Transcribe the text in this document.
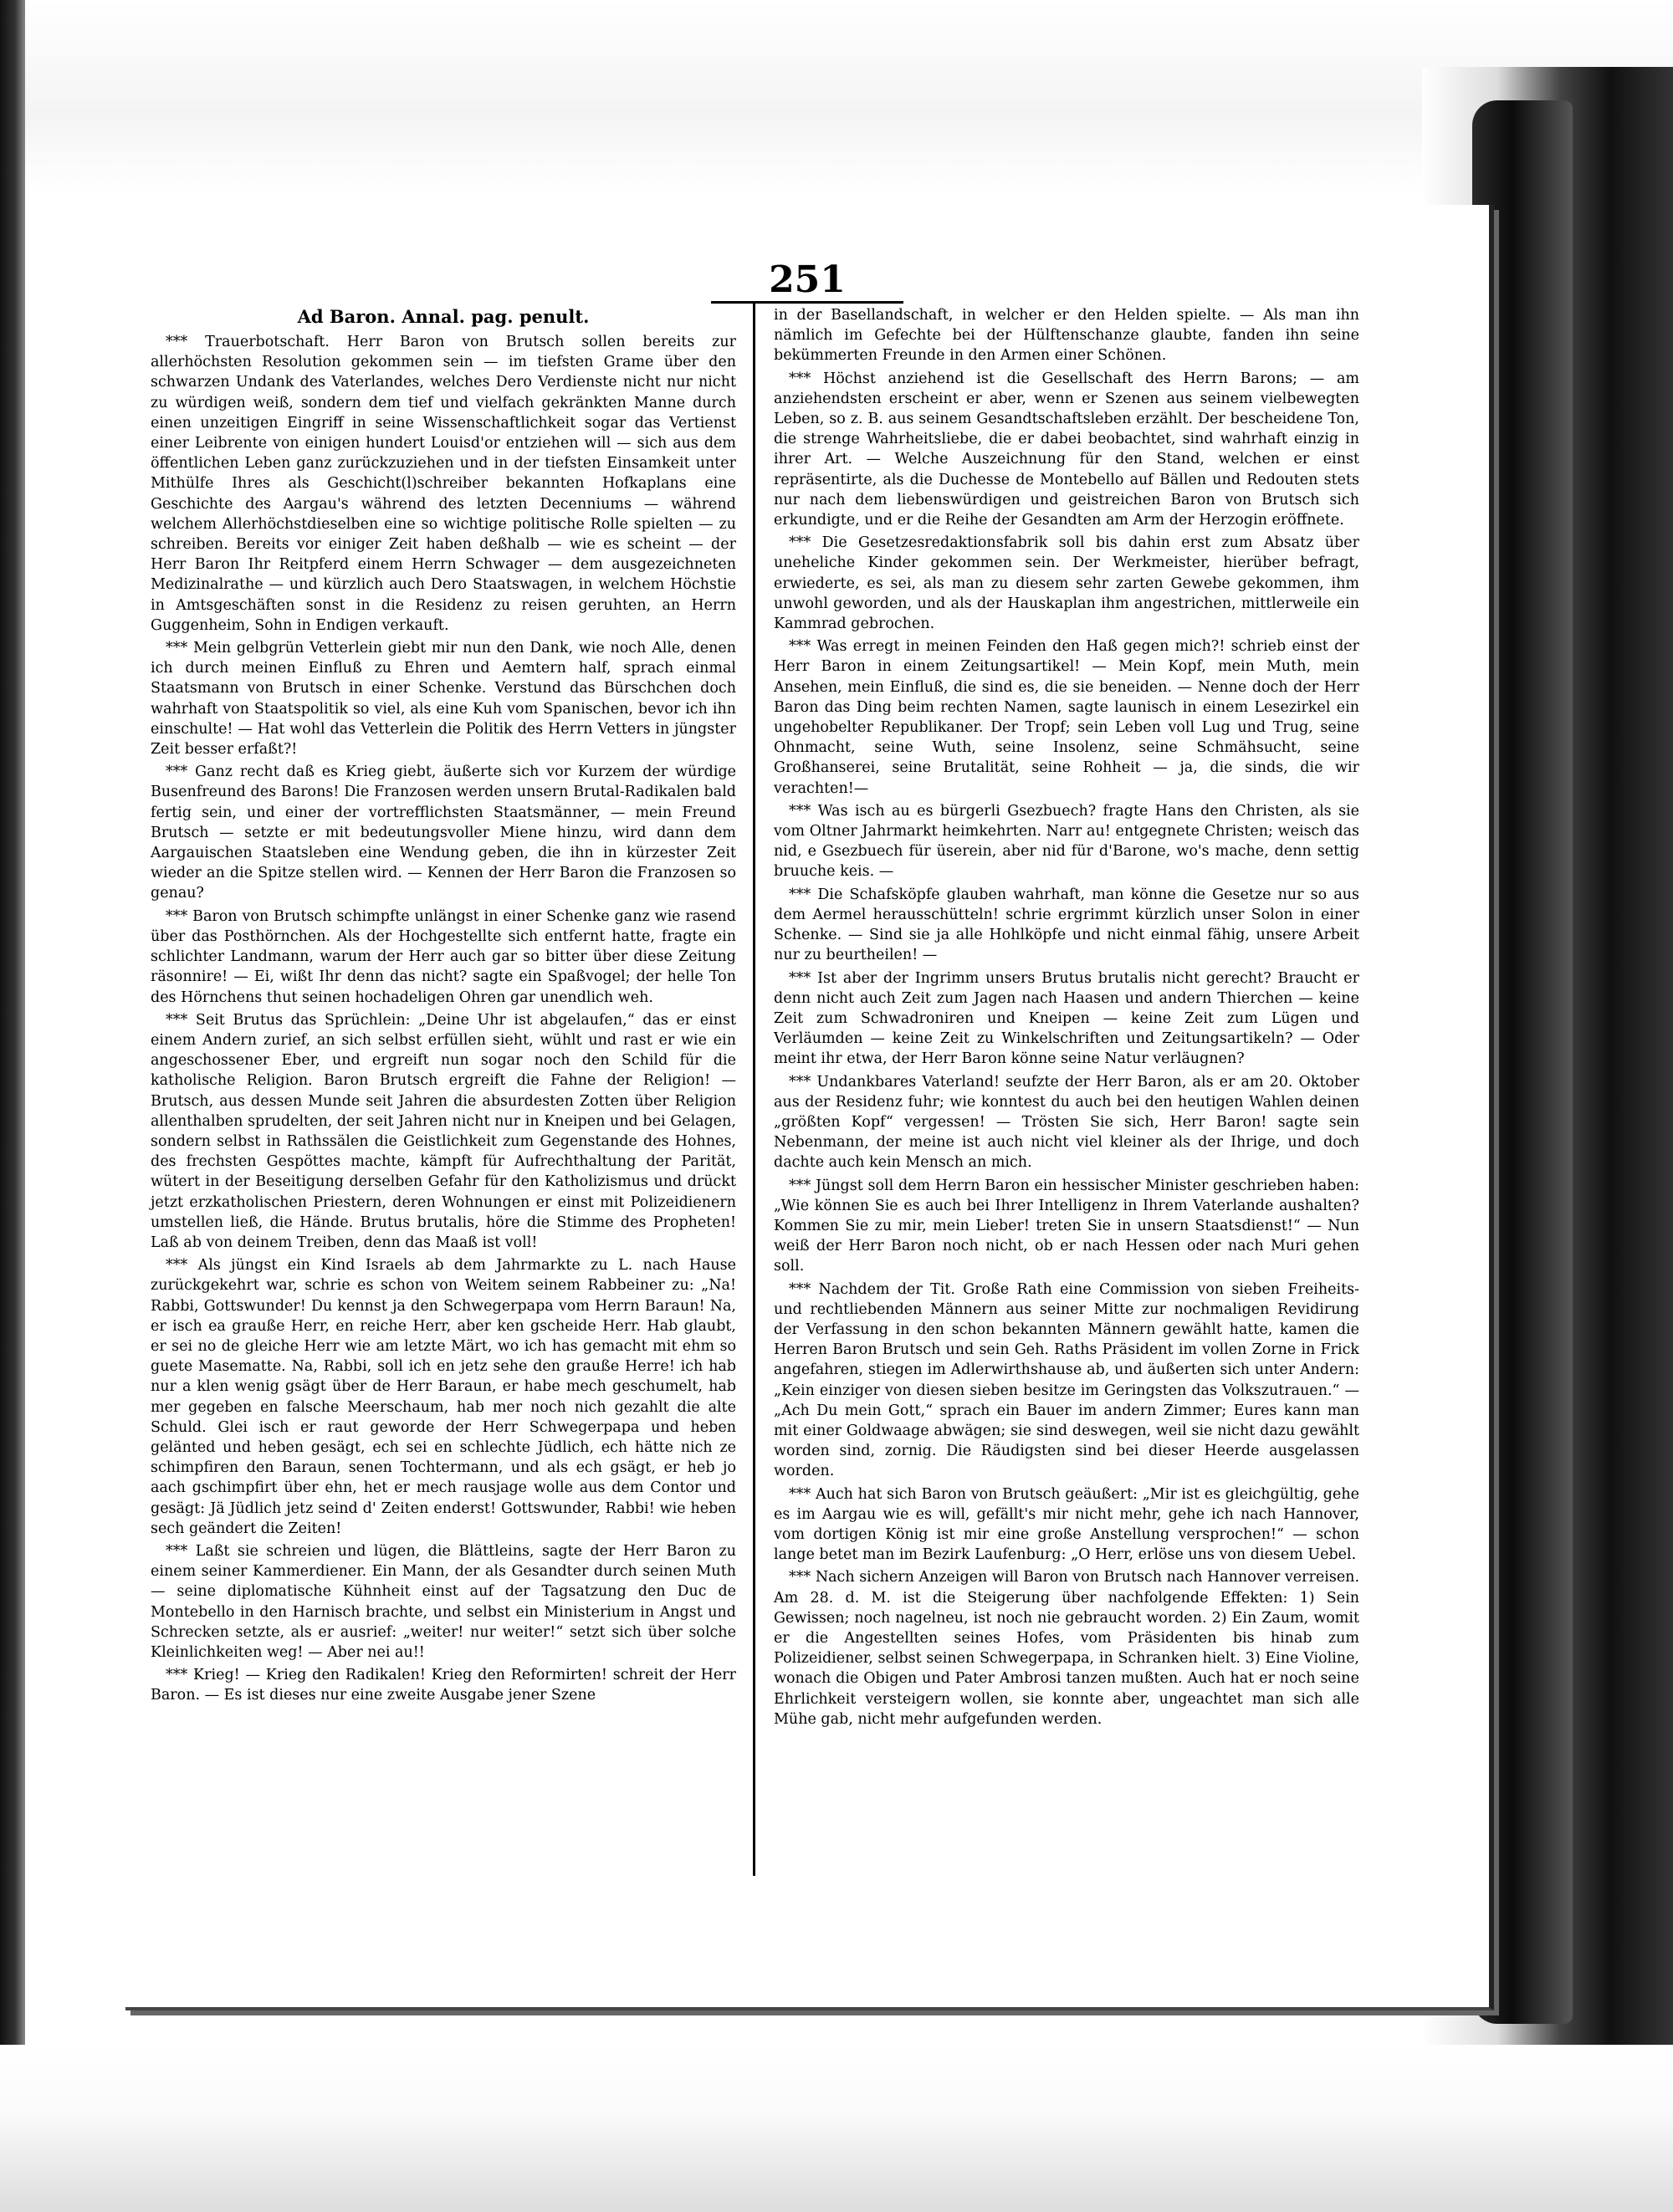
251
Ad Baron. Annal. pag. penult.

*** Trauerbotschaft. Herr Baron von Brutsch sollen bereits zur allerhöchsten Resolution gekommen sein — im tiefsten Grame über den schwarzen Undank des Vaterlandes, welches Dero Verdienste nicht nur nicht zu würdigen weiß, sondern dem tief und vielfach gekränkten Manne durch einen unzeitigen Eingriff in seine Wissenschaftlichkeit sogar das Vertienst einer Leibrente von einigen hundert Louisd'or entziehen will — sich aus dem öffentlichen Leben ganz zurückzuziehen und in der tiefsten Einsamkeit unter Mithülfe Ihres als Geschicht(l)schreiber bekannten Hofkaplans eine Geschichte des Aargau's während des letzten Decenniums — während welchem Allerhöchstdieselben eine so wichtige politische Rolle spielten — zu schreiben. Bereits vor einiger Zeit haben deßhalb — wie es scheint — der Herr Baron Ihr Reitpferd einem Herrn Schwager — dem ausgezeichneten Medizinalrathe — und kürzlich auch Dero Staatswagen, in welchem Höchstie in Amtsgeschäften sonst in die Residenz zu reisen geruhten, an Herrn Guggenheim, Sohn in Endigen verkauft.

*** Mein gelbgrün Vetterlein giebt mir nun den Dank, wie noch Alle, denen ich durch meinen Einfluß zu Ehren und Aemtern half, sprach einmal Staatsmann von Brutsch in einer Schenke. Verstund das Bürschchen doch wahrhaft von Staatspolitik so viel, als eine Kuh vom Spanischen, bevor ich ihn einschulte! — Hat wohl das Vetterlein die Politik des Herrn Vetters in jüngster Zeit besser erfaßt?!

*** Ganz recht daß es Krieg giebt, äußerte sich vor Kurzem der würdige Busenfreund des Barons! Die Franzosen werden unsern Brutal-Radikalen bald fertig sein, und einer der vortrefflichsten Staatsmänner, — mein Freund Brutsch — setzte er mit bedeutungsvoller Miene hinzu, wird dann dem Aargauischen Staatsleben eine Wendung geben, die ihn in kürzester Zeit wieder an die Spitze stellen wird. — Kennen der Herr Baron die Franzosen so genau?

*** Baron von Brutsch schimpfte unlängst in einer Schenke ganz wie rasend über das Posthörnchen. Als der Hochgestellte sich entfernt hatte, fragte ein schlichter Landmann, warum der Herr auch gar so bitter über diese Zeitung räsonnire! — Ei, wißt Ihr denn das nicht? sagte ein Spaßvogel; der helle Ton des Hörnchens thut seinen hochadeligen Ohren gar unendlich weh.

*** Seit Brutus das Sprüchlein: „Deine Uhr ist abgelaufen,“ das er einst einem Andern zurief, an sich selbst erfüllen sieht, wühlt und rast er wie ein angeschossener Eber, und ergreift nun sogar noch den Schild für die katholische Religion. Baron Brutsch ergreift die Fahne der Religion! — Brutsch, aus dessen Munde seit Jahren die absurdesten Zotten über Religion allenthalben sprudelten, der seit Jahren nicht nur in Kneipen und bei Gelagen, sondern selbst in Rathssälen die Geistlichkeit zum Gegenstande des Hohnes, des frechsten Gespöttes machte, kämpft für Aufrechthaltung der Parität, wütert in der Beseitigung derselben Gefahr für den Katholizismus und drückt jetzt erzkatholischen Priestern, deren Wohnungen er einst mit Polizeidienern umstellen ließ, die Hände. Brutus brutalis, höre die Stimme des Propheten! Laß ab von deinem Treiben, denn das Maaß ist voll!

*** Als jüngst ein Kind Israels ab dem Jahrmarkte zu L. nach Hause zurückgekehrt war, schrie es schon von Weitem seinem Rabbeiner zu: „Na! Rabbi, Gottswunder! Du kennst ja den Schwegerpapa vom Herrn Baraun! Na, er isch ea grauße Herr, en reiche Herr, aber ken gscheide Herr. Hab glaubt, er sei no de gleiche Herr wie am letzte Märt, wo ich has gemacht mit ehm so guete Masematte. Na, Rabbi, soll ich en jetz sehe den grauße Herre! ich hab nur a klen wenig gsägt über de Herr Baraun, er habe mech geschumelt, hab mer gegeben en falsche Meerschaum, hab mer noch nich gezahlt die alte Schuld. Glei isch er raut geworde der Herr Schwegerpapa und heben gelänted und heben gesägt, ech sei en schlechte Jüdlich, ech hätte nich ze schimpfiren den Baraun, senen Tochtermann, und als ech gsägt, er heb jo aach gschimpfirt über ehn, het er mech rausjage wolle aus dem Contor und gesägt: Jä Jüdlich jetz seind d' Zeiten enderst! Gottswunder, Rabbi! wie heben sech geändert die Zeiten!

*** Laßt sie schreien und lügen, die Blättleins, sagte der Herr Baron zu einem seiner Kammerdiener. Ein Mann, der als Gesandter durch seinen Muth — seine diplomatische Kühnheit einst auf der Tagsatzung den Duc de Montebello in den Harnisch brachte, und selbst ein Ministerium in Angst und Schrecken setzte, als er ausrief: „weiter! nur weiter!“ setzt sich über solche Kleinlichkeiten weg! — Aber nei au!!

*** Krieg! — Krieg den Radikalen! Krieg den Reformirten! schreit der Herr Baron. — Es ist dieses nur eine zweite Ausgabe jener Szene

in der Basellandschaft, in welcher er den Helden spielte. — Als man ihn nämlich im Gefechte bei der Hülftenschanze glaubte, fanden ihn seine bekümmerten Freunde in den Armen einer Schönen.

*** Höchst anziehend ist die Gesellschaft des Herrn Barons; — am anziehendsten erscheint er aber, wenn er Szenen aus seinem vielbewegten Leben, so z. B. aus seinem Gesandtschaftsleben erzählt. Der bescheidene Ton, die strenge Wahrheitsliebe, die er dabei beobachtet, sind wahrhaft einzig in ihrer Art. — Welche Auszeichnung für den Stand, welchen er einst repräsentirte, als die Duchesse de Montebello auf Bällen und Redouten stets nur nach dem liebenswürdigen und geistreichen Baron von Brutsch sich erkundigte, und er die Reihe der Gesandten am Arm der Herzogin eröffnete.

*** Die Gesetzesredaktionsfabrik soll bis dahin erst zum Absatz über uneheliche Kinder gekommen sein. Der Werkmeister, hierüber befragt, erwiederte, es sei, als man zu diesem sehr zarten Gewebe gekommen, ihm unwohl geworden, und als der Hauskaplan ihm angestrichen, mittlerweile ein Kammrad gebrochen.

*** Was erregt in meinen Feinden den Haß gegen mich?! schrieb einst der Herr Baron in einem Zeitungsartikel! — Mein Kopf, mein Muth, mein Ansehen, mein Einfluß, die sind es, die sie beneiden. — Nenne doch der Herr Baron das Ding beim rechten Namen, sagte launisch in einem Lesezirkel ein ungehobelter Republikaner. Der Tropf; sein Leben voll Lug und Trug, seine Ohnmacht, seine Wuth, seine Insolenz, seine Schmähsucht, seine Großhanserei, seine Brutalität, seine Rohheit — ja, die sinds, die wir verachten!—

*** Was isch au es bürgerli Gsezbuech? fragte Hans den Christen, als sie vom Oltner Jahrmarkt heimkehrten. Narr au! entgegnete Christen; weisch das nid, e Gsezbuech für üserein, aber nid für d'Barone, wo's mache, denn settig bruuche keis. —

*** Die Schafsköpfe glauben wahrhaft, man könne die Gesetze nur so aus dem Aermel herausschütteln! schrie ergrimmt kürzlich unser Solon in einer Schenke. — Sind sie ja alle Hohlköpfe und nicht einmal fähig, unsere Arbeit nur zu beurtheilen! —

*** Ist aber der Ingrimm unsers Brutus brutalis nicht gerecht? Braucht er denn nicht auch Zeit zum Jagen nach Haasen und andern Thierchen — keine Zeit zum Schwadroniren und Kneipen — keine Zeit zum Lügen und Verläumden — keine Zeit zu Winkelschriften und Zeitungsartikeln? — Oder meint ihr etwa, der Herr Baron könne seine Natur verläugnen?

*** Undankbares Vaterland! seufzte der Herr Baron, als er am 20. Oktober aus der Residenz fuhr; wie konntest du auch bei den heutigen Wahlen deinen „größten Kopf“ vergessen! — Trösten Sie sich, Herr Baron! sagte sein Nebenmann, der meine ist auch nicht viel kleiner als der Ihrige, und doch dachte auch kein Mensch an mich.

*** Jüngst soll dem Herrn Baron ein hessischer Minister geschrieben haben: „Wie können Sie es auch bei Ihrer Intelligenz in Ihrem Vaterlande aushalten? Kommen Sie zu mir, mein Lieber! treten Sie in unsern Staatsdienst!“ — Nun weiß der Herr Baron noch nicht, ob er nach Hessen oder nach Muri gehen soll.

*** Nachdem der Tit. Große Rath eine Commission von sieben Freiheits- und rechtliebenden Männern aus seiner Mitte zur nochmaligen Revidirung der Verfassung in den schon bekannten Männern gewählt hatte, kamen die Herren Baron Brutsch und sein Geh. Raths Präsident im vollen Zorne in Frick angefahren, stiegen im Adlerwirthshause ab, und äußerten sich unter Andern: „Kein einziger von diesen sieben besitze im Geringsten das Volkszutrauen.“ — „Ach Du mein Gott,“ sprach ein Bauer im andern Zimmer; Eures kann man mit einer Goldwaage abwägen; sie sind deswegen, weil sie nicht dazu gewählt worden sind, zornig. Die Räudigsten sind bei dieser Heerde ausgelassen worden.

*** Auch hat sich Baron von Brutsch geäußert: „Mir ist es gleichgültig, gehe es im Aargau wie es will, gefällt's mir nicht mehr, gehe ich nach Hannover, vom dortigen König ist mir eine große Anstellung versprochen!“ — schon lange betet man im Bezirk Laufenburg: „O Herr, erlöse uns von diesem Uebel.

*** Nach sichern Anzeigen will Baron von Brutsch nach Hannover verreisen. Am 28. d. M. ist die Steigerung über nachfolgende Effekten: 1) Sein Gewissen; noch nagelneu, ist noch nie gebraucht worden. 2) Ein Zaum, womit er die Angestellten seines Hofes, vom Präsidenten bis hinab zum Polizeidiener, selbst seinen Schwegerpapa, in Schranken hielt. 3) Eine Violine, wonach die Obigen und Pater Ambrosi tanzen mußten. Auch hat er noch seine Ehrlichkeit versteigern wollen, sie konnte aber, ungeachtet man sich alle Mühe gab, nicht mehr aufgefunden werden.
